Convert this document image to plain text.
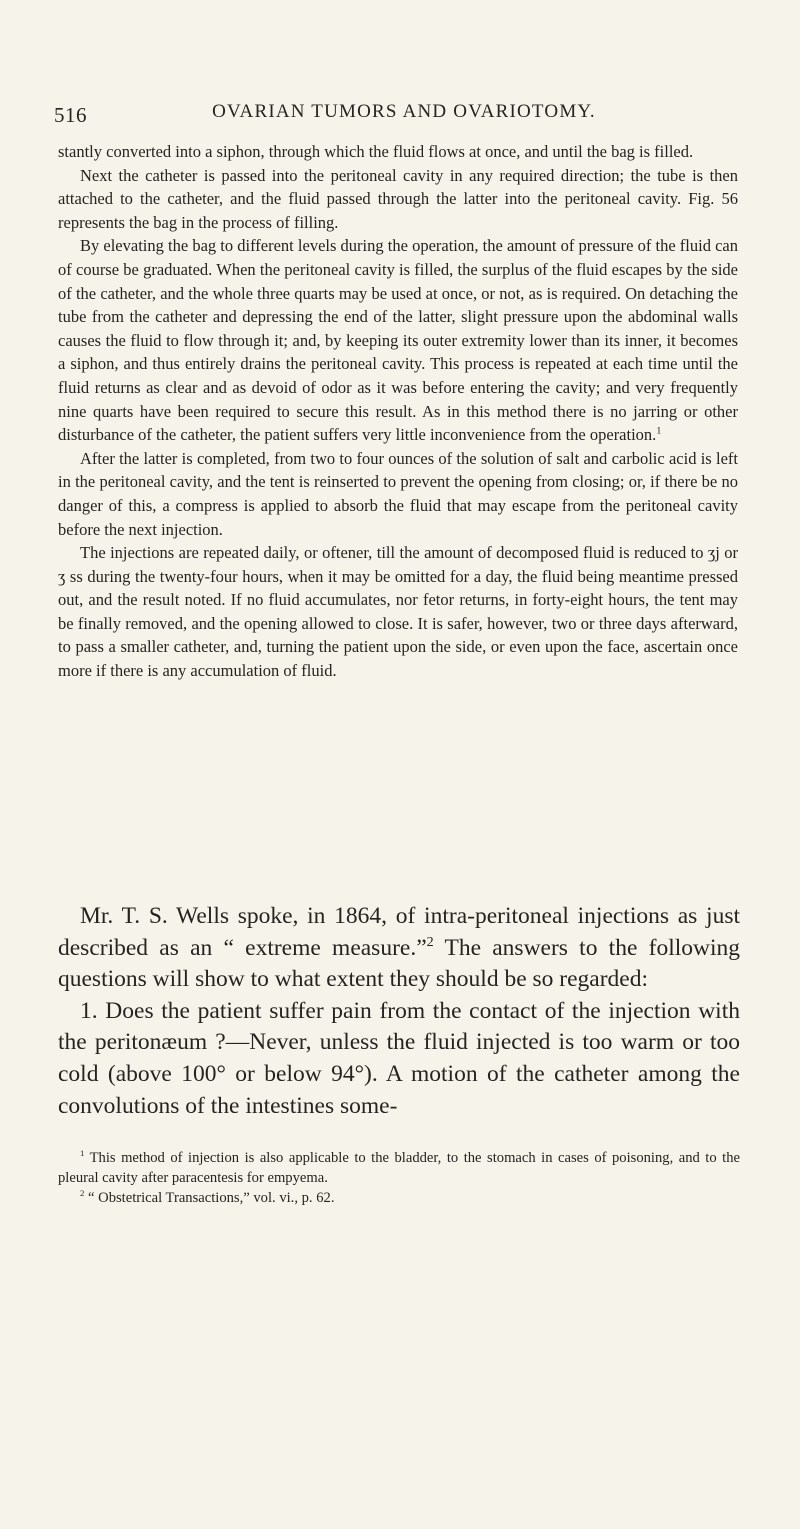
516	OVARIAN TUMORS AND OVARIOTOMY.

stantly converted into a siphon, through which the fluid flows at once, and until the bag is filled.

Next the catheter is passed into the peritoneal cavity in any required direction; the tube is then attached to the catheter, and the fluid passed through the latter into the peritoneal cavity. Fig. 56 represents the bag in the process of filling.

By elevating the bag to different levels during the operation, the amount of pressure of the fluid can of course be graduated. When the peritoneal cavity is filled, the surplus of the fluid escapes by the side of the catheter, and the whole three quarts may be used at once, or not, as is required. On detaching the tube from the catheter and depressing the end of the latter, slight pressure upon the abdominal walls causes the fluid to flow through it; and, by keeping its outer extremity lower than its inner, it becomes a siphon, and thus entirely drains the peritoneal cavity. This process is repeated at each time until the fluid returns as clear and as devoid of odor as it was before entering the cavity; and very frequently nine quarts have been required to secure this result. As in this method there is no jarring or other disturbance of the catheter, the patient suffers very little inconvenience from the operation.$^1$

After the latter is completed, from two to four ounces of the solution of salt and carbolic acid is left in the peritoneal cavity, and the tent is reinserted to prevent the opening from closing; or, if there be no danger of this, a compress is applied to absorb the fluid that may escape from the peritoneal cavity before the next injection.

The injections are repeated daily, or oftener, till the amount of decomposed fluid is reduced to ʒj or ʒ ss during the twenty-four hours, when it may be omitted for a day, the fluid being meantime pressed out, and the result noted. If no fluid accumulates, nor fetor returns, in forty-eight hours, the tent may be finally removed, and the opening allowed to close. It is safer, however, two or three days afterward, to pass a smaller catheter, and, turning the patient upon the side, or even upon the face, ascertain once more if there is any accumulation of fluid.

Mr. T. S. Wells spoke, in 1864, of intra-peritoneal injections as just described as an “ extreme measure.”$^2$ The answers to the following questions will show to what extent they should be so regarded:

1. Does the patient suffer pain from the contact of the injection with the peritonæum ?—Never, unless the fluid injected is too warm or too cold (above 100° or below 94°). A motion of the catheter among the convolutions of the intestines some-

$^1$ This method of injection is also applicable to the bladder, to the stomach in cases of poisoning, and to the pleural cavity after paracentesis for empyema.

$^2$ “ Obstetrical Transactions,” vol. vi., p. 62.
